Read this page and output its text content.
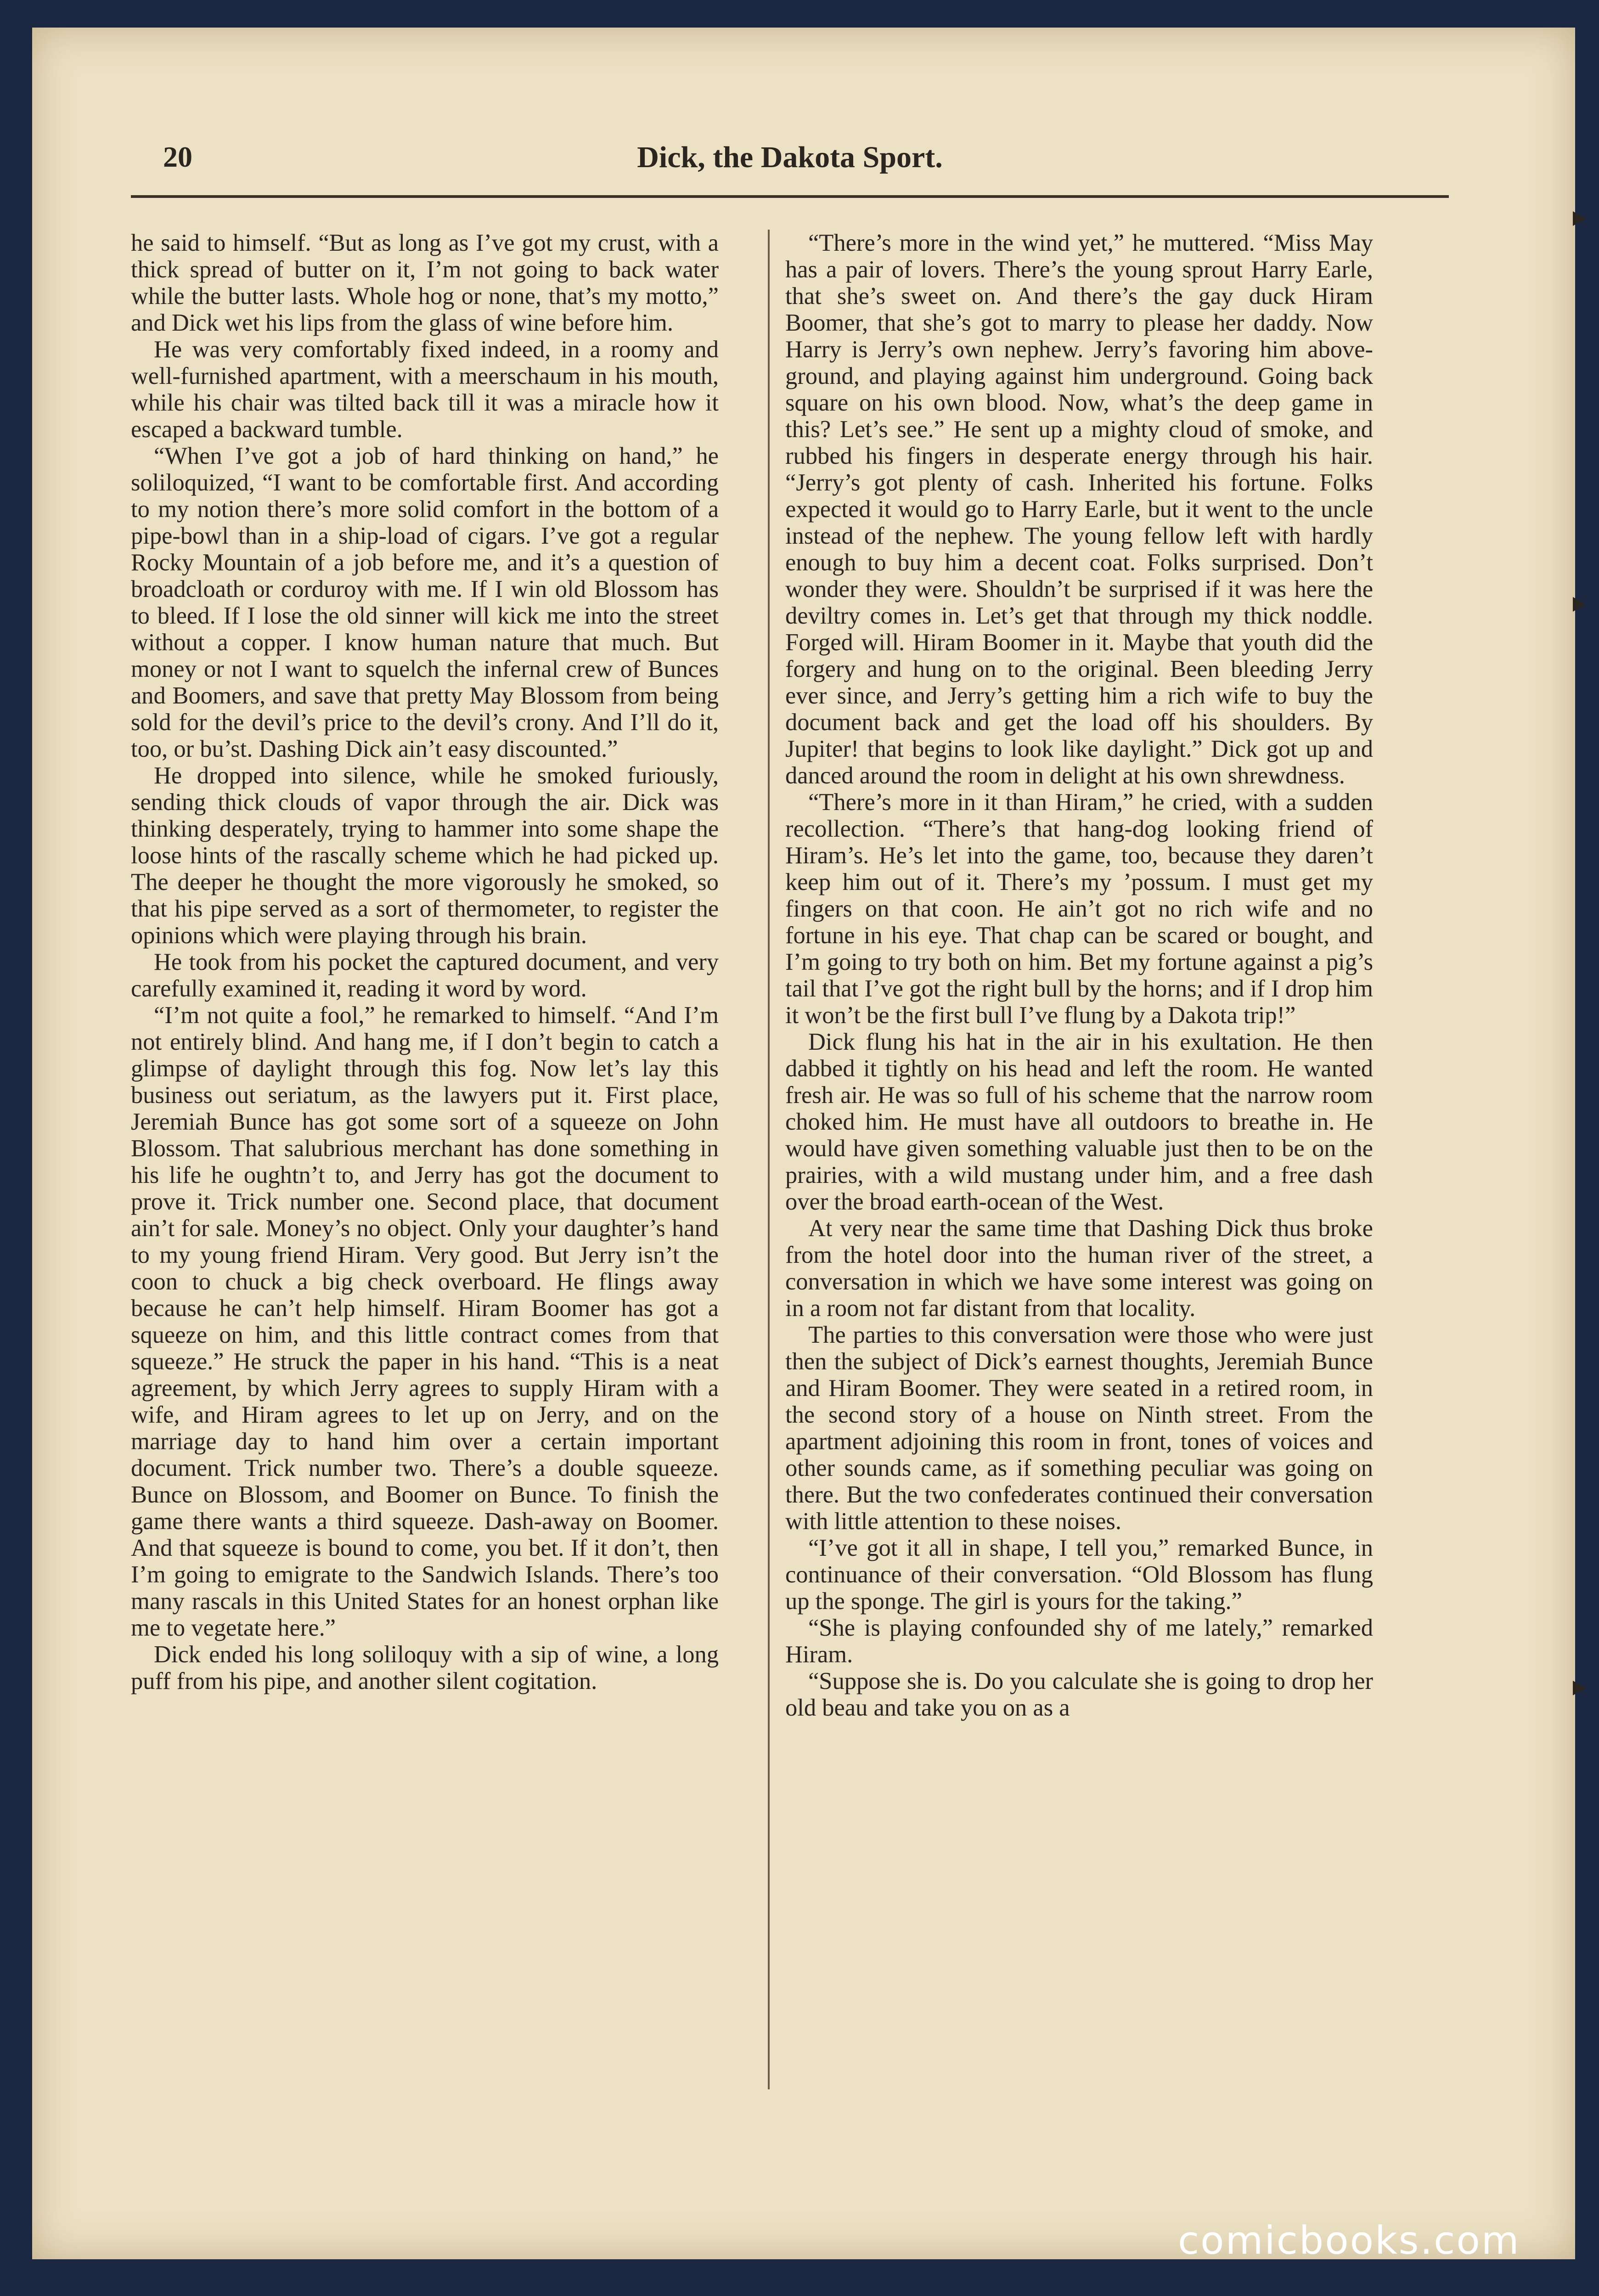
20	Dick, the Dakota Sport.

he said to himself. “But as long as I’ve got my crust, with a thick spread of butter on it, I’m not going to back water while the butter lasts. Whole hog or none, that’s my motto,” and Dick wet his lips from the glass of wine before him.

He was very comfortably fixed indeed, in a roomy and well-furnished apartment, with a meerschaum in his mouth, while his chair was tilted back till it was a miracle how it escaped a backward tumble.

“When I’ve got a job of hard thinking on hand,” he soliloquized, “I want to be comfortable first. And according to my notion there’s more solid comfort in the bottom of a pipe-bowl than in a ship-load of cigars. I’ve got a regular Rocky Mountain of a job before me, and it’s a question of broadcloath or corduroy with me. If I win old Blossom has to bleed. If I lose the old sinner will kick me into the street without a copper. I know human nature that much. But money or not I want to squelch the infernal crew of Bunces and Boomers, and save that pretty May Blossom from being sold for the devil’s price to the devil’s crony. And I’ll do it, too, or bu’st. Dashing Dick ain’t easy discounted.”

He dropped into silence, while he smoked furiously, sending thick clouds of vapor through the air. Dick was thinking desperately, trying to hammer into some shape the loose hints of the rascally scheme which he had picked up. The deeper he thought the more vigorously he smoked, so that his pipe served as a sort of thermometer, to register the opinions which were playing through his brain.

He took from his pocket the captured document, and very carefully examined it, reading it word by word.

“I’m not quite a fool,” he remarked to himself. “And I’m not entirely blind. And hang me, if I don’t begin to catch a glimpse of daylight through this fog. Now let’s lay this business out seriatum, as the lawyers put it. First place, Jeremiah Bunce has got some sort of a squeeze on John Blossom. That salubrious merchant has done something in his life he oughtn’t to, and Jerry has got the document to prove it. Trick number one. Second place, that document ain’t for sale. Money’s no object. Only your daughter’s hand to my young friend Hiram. Very good. But Jerry isn’t the coon to chuck a big check overboard. He flings away because he can’t help himself. Hiram Boomer has got a squeeze on him, and this little contract comes from that squeeze.” He struck the paper in his hand. “This is a neat agreement, by which Jerry agrees to supply Hiram with a wife, and Hiram agrees to let up on Jerry, and on the marriage day to hand him over a certain important document. Trick number two. There’s a double squeeze. Bunce on Blossom, and Boomer on Bunce. To finish the game there wants a third squeeze. Dash-away on Boomer. And that squeeze is bound to come, you bet. If it don’t, then I’m going to emigrate to the Sandwich Islands. There’s too many rascals in this United States for an honest orphan like me to vegetate here.”

Dick ended his long soliloquy with a sip of wine, a long puff from his pipe, and another silent cogitation.

“There’s more in the wind yet,” he muttered. “Miss May has a pair of lovers. There’s the young sprout Harry Earle, that she’s sweet on. And there’s the gay duck Hiram Boomer, that she’s got to marry to please her daddy. Now Harry is Jerry’s own nephew. Jerry’s favoring him above-ground, and playing against him underground. Going back square on his own blood. Now, what’s the deep game in this? Let’s see.” He sent up a mighty cloud of smoke, and rubbed his fingers in desperate energy through his hair. “Jerry’s got plenty of cash. Inherited his fortune. Folks expected it would go to Harry Earle, but it went to the uncle instead of the nephew. The young fellow left with hardly enough to buy him a decent coat. Folks surprised. Don’t wonder they were. Shouldn’t be surprised if it was here the deviltry comes in. Let’s get that through my thick noddle. Forged will. Hiram Boomer in it. Maybe that youth did the forgery and hung on to the original. Been bleeding Jerry ever since, and Jerry’s getting him a rich wife to buy the document back and get the load off his shoulders. By Jupiter! that begins to look like daylight.” Dick got up and danced around the room in delight at his own shrewdness.

“There’s more in it than Hiram,” he cried, with a sudden recollection. “There’s that hang-dog looking friend of Hiram’s. He’s let into the game, too, because they daren’t keep him out of it. There’s my ’possum. I must get my fingers on that coon. He ain’t got no rich wife and no fortune in his eye. That chap can be scared or bought, and I’m going to try both on him. Bet my fortune against a pig’s tail that I’ve got the right bull by the horns; and if I drop him it won’t be the first bull I’ve flung by a Dakota trip!”

Dick flung his hat in the air in his exultation. He then dabbed it tightly on his head and left the room. He wanted fresh air. He was so full of his scheme that the narrow room choked him. He must have all outdoors to breathe in. He would have given something valuable just then to be on the prairies, with a wild mustang under him, and a free dash over the broad earth-ocean of the West.

At very near the same time that Dashing Dick thus broke from the hotel door into the human river of the street, a conversation in which we have some interest was going on in a room not far distant from that locality.

The parties to this conversation were those who were just then the subject of Dick’s earnest thoughts, Jeremiah Bunce and Hiram Boomer. They were seated in a retired room, in the second story of a house on Ninth street. From the apartment adjoining this room in front, tones of voices and other sounds came, as if something peculiar was going on there. But the two confederates continued their conversation with little attention to these noises.

“I’ve got it all in shape, I tell you,” remarked Bunce, in continuance of their conversation. “Old Blossom has flung up the sponge. The girl is yours for the taking.”

“She is playing confounded shy of me lately,” remarked Hiram.

“Suppose she is. Do you calculate she is going to drop her old beau and take you on as a

comicbooks.com
